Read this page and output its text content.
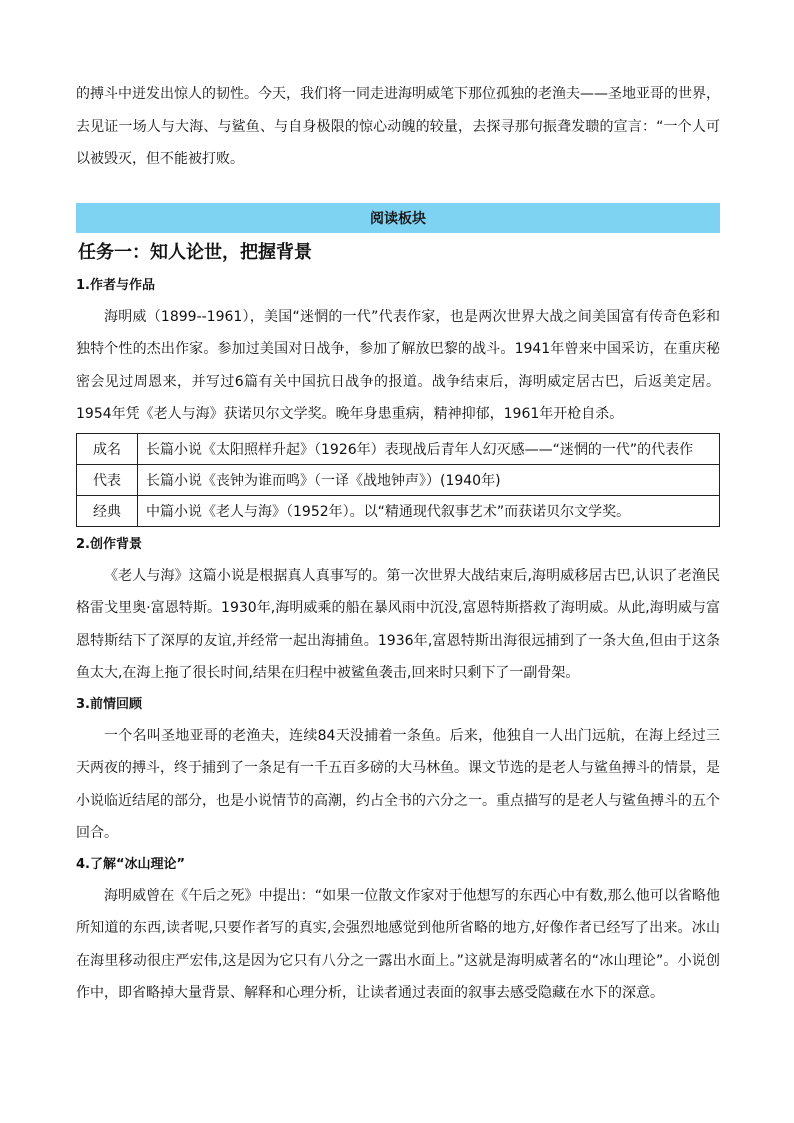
的搏斗中迸发出惊人的韧性。今天，我们将一同走进海明威笔下那位孤独的老渔夫——圣地亚哥的世界，去见证一场人与大海、与鲨鱼、与自身极限的惊心动魄的较量，去探寻那句振聋发聩的宣言：“一个人可以被毁灭，但不能被打败。

阅读板块
任务一：知人论世，把握背景

1.作者与作品

海明威（1899--1961），美国“迷惘的一代”代表作家，也是两次世界大战之间美国富有传奇色彩和独特个性的杰出作家。参加过美国对日战争，参加了解放巴黎的战斗。1941年曾来中国采访，在重庆秘密会见过周恩来，并写过6篇有关中国抗日战争的报道。战争结束后，海明威定居古巴，后返美定居。1954年凭《老人与海》获诺贝尔文学奖。晚年身患重病，精神抑郁，1961年开枪自杀。

成名	长篇小说《太阳照样升起》（1926年）表现战后青年人幻灭感——“迷惘的一代”的代表作
代表	长篇小说《丧钟为谁而鸣》（一译《战地钟声》）(1940年)
经典	中篇小说《老人与海》（1952年）。以“精通现代叙事艺术”而获诺贝尔文学奖。

2.创作背景

《老人与海》这篇小说是根据真人真事写的。第一次世界大战结束后,海明威移居古巴,认识了老渔民格雷戈里奥·富恩特斯。1930年,海明威乘的船在暴风雨中沉没,富恩特斯搭救了海明威。从此,海明威与富恩特斯结下了深厚的友谊,并经常一起出海捕鱼。1936年,富恩特斯出海很远捕到了一条大鱼,但由于这条鱼太大,在海上拖了很长时间,结果在归程中被鲨鱼袭击,回来时只剩下了一副骨架。

3.前情回顾

一个名叫圣地亚哥的老渔夫，连续84天没捕着一条鱼。后来，他独自一人出门远航，在海上经过三天两夜的搏斗，终于捕到了一条足有一千五百多磅的大马林鱼。课文节选的是老人与鲨鱼搏斗的情景，是小说临近结尾的部分，也是小说情节的高潮，约占全书的六分之一。重点描写的是老人与鲨鱼搏斗的五个回合。

4.了解“冰山理论”

海明威曾在《午后之死》中提出：“如果一位散文作家对于他想写的东西心中有数,那么他可以省略他所知道的东西,读者呢,只要作者写的真实,会强烈地感觉到他所省略的地方,好像作者已经写了出来。冰山在海里移动很庄严宏伟,这是因为它只有八分之一露出水面上。”这就是海明威著名的“冰山理论”。小说创作中，即省略掉大量背景、解释和心理分析，让读者通过表面的叙事去感受隐藏在水下的深意。
